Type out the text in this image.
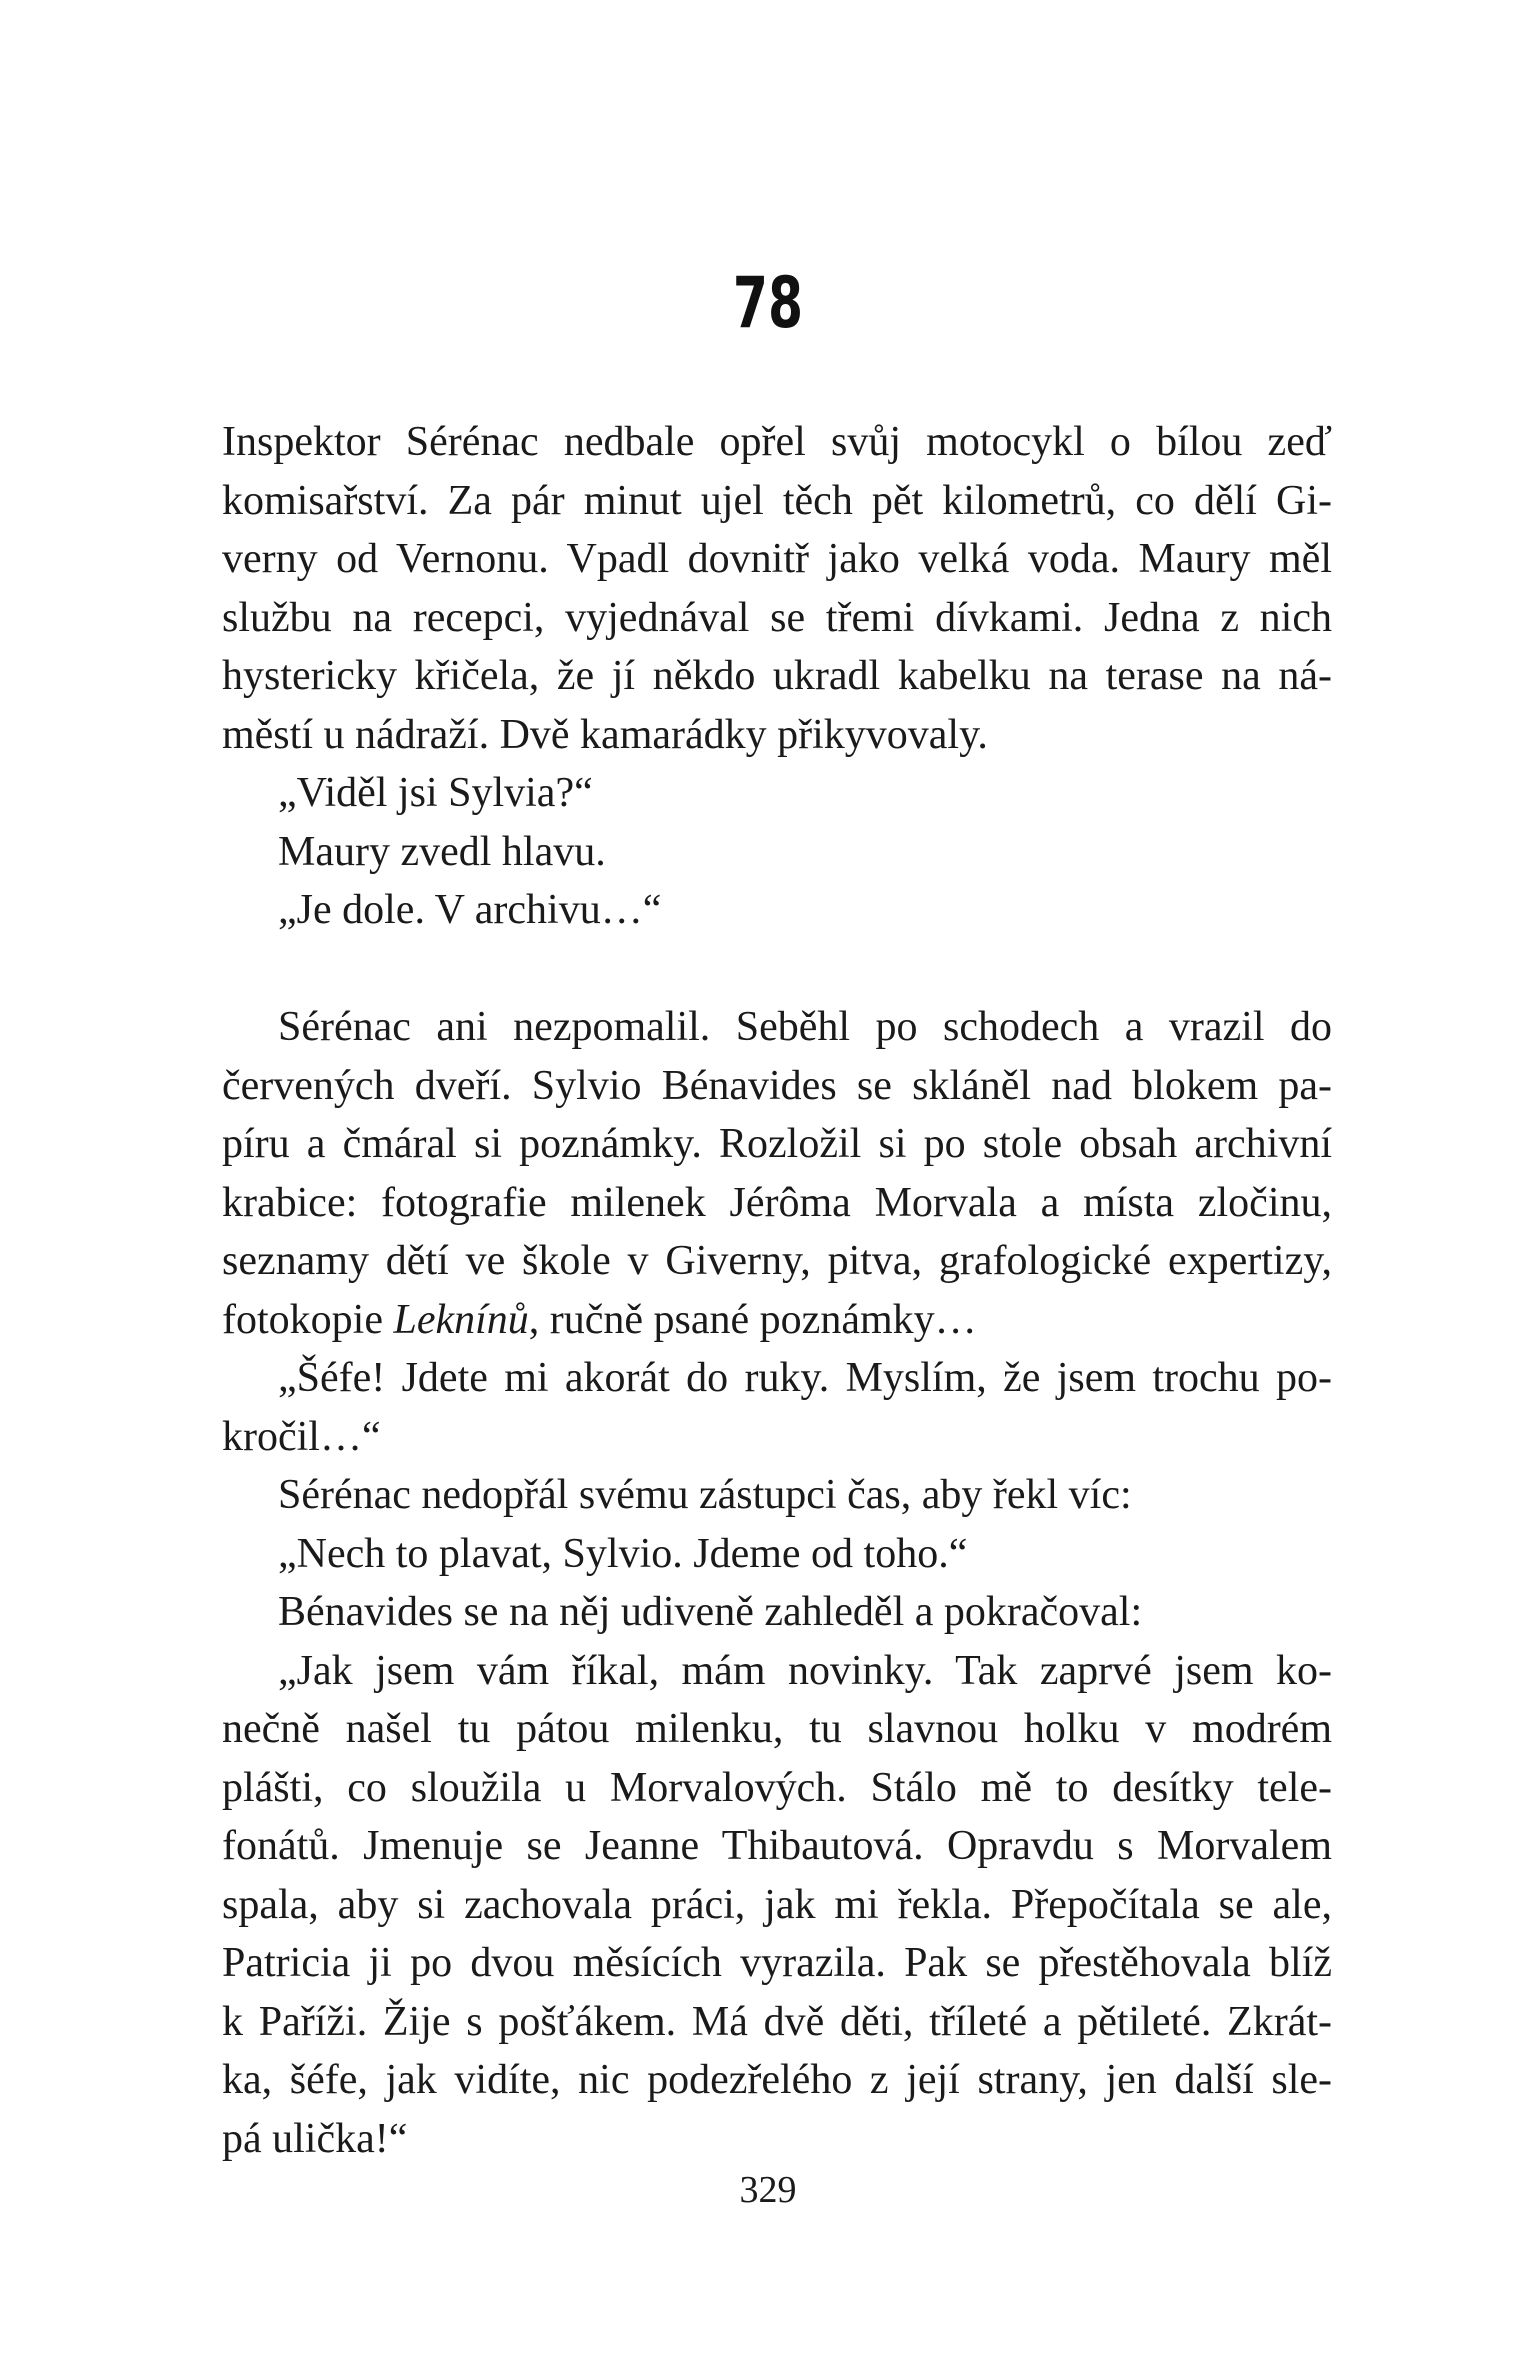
78

Inspektor Sérénac nedbale opřel svůj motocykl o bílou zeď
komisařství. Za pár minut ujel těch pět kilometrů, co dělí Gi-
verny od Vernonu. Vpadl dovnitř jako velká voda. Maury měl
službu na recepci, vyjednával se třemi dívkami. Jedna z nich
hystericky křičela, že jí někdo ukradl kabelku na terase na ná-
městí u nádraží. Dvě kamarádky přikyvovaly.

„Viděl jsi Sylvia?“

Maury zvedl hlavu.

„Je dole. V archivu…“

Sérénac ani nezpomalil. Seběhl po schodech a vrazil do
červených dveří. Sylvio Bénavides se skláněl nad blokem pa-
píru a čmáral si poznámky. Rozložil si po stole obsah archivní
krabice: fotografie milenek Jérôma Morvala a místa zločinu,
seznamy dětí ve škole v Giverny, pitva, grafologické expertizy,
fotokopie Leknínů, ručně psané poznámky…

„Šéfe! Jdete mi akorát do ruky. Myslím, že jsem trochu po-
kročil…“

Sérénac nedopřál svému zástupci čas, aby řekl víc:

„Nech to plavat, Sylvio. Jdeme od toho.“

Bénavides se na něj udiveně zahleděl a pokračoval:

„Jak jsem vám říkal, mám novinky. Tak zaprvé jsem ko-
nečně našel tu pátou milenku, tu slavnou holku v modrém
plášti, co sloužila u Morvalových. Stálo mě to desítky tele-
fonátů. Jmenuje se Jeanne Thibautová. Opravdu s Morvalem
spala, aby si zachovala práci, jak mi řekla. Přepočítala se ale,
Patricia ji po dvou měsících vyrazila. Pak se přestěhovala blíž
k Paříži. Žije s pošťákem. Má dvě děti, tříleté a pětileté. Zkrát-
ka, šéfe, jak vidíte, nic podezřelého z její strany, jen další sle-
pá ulička!“

329
